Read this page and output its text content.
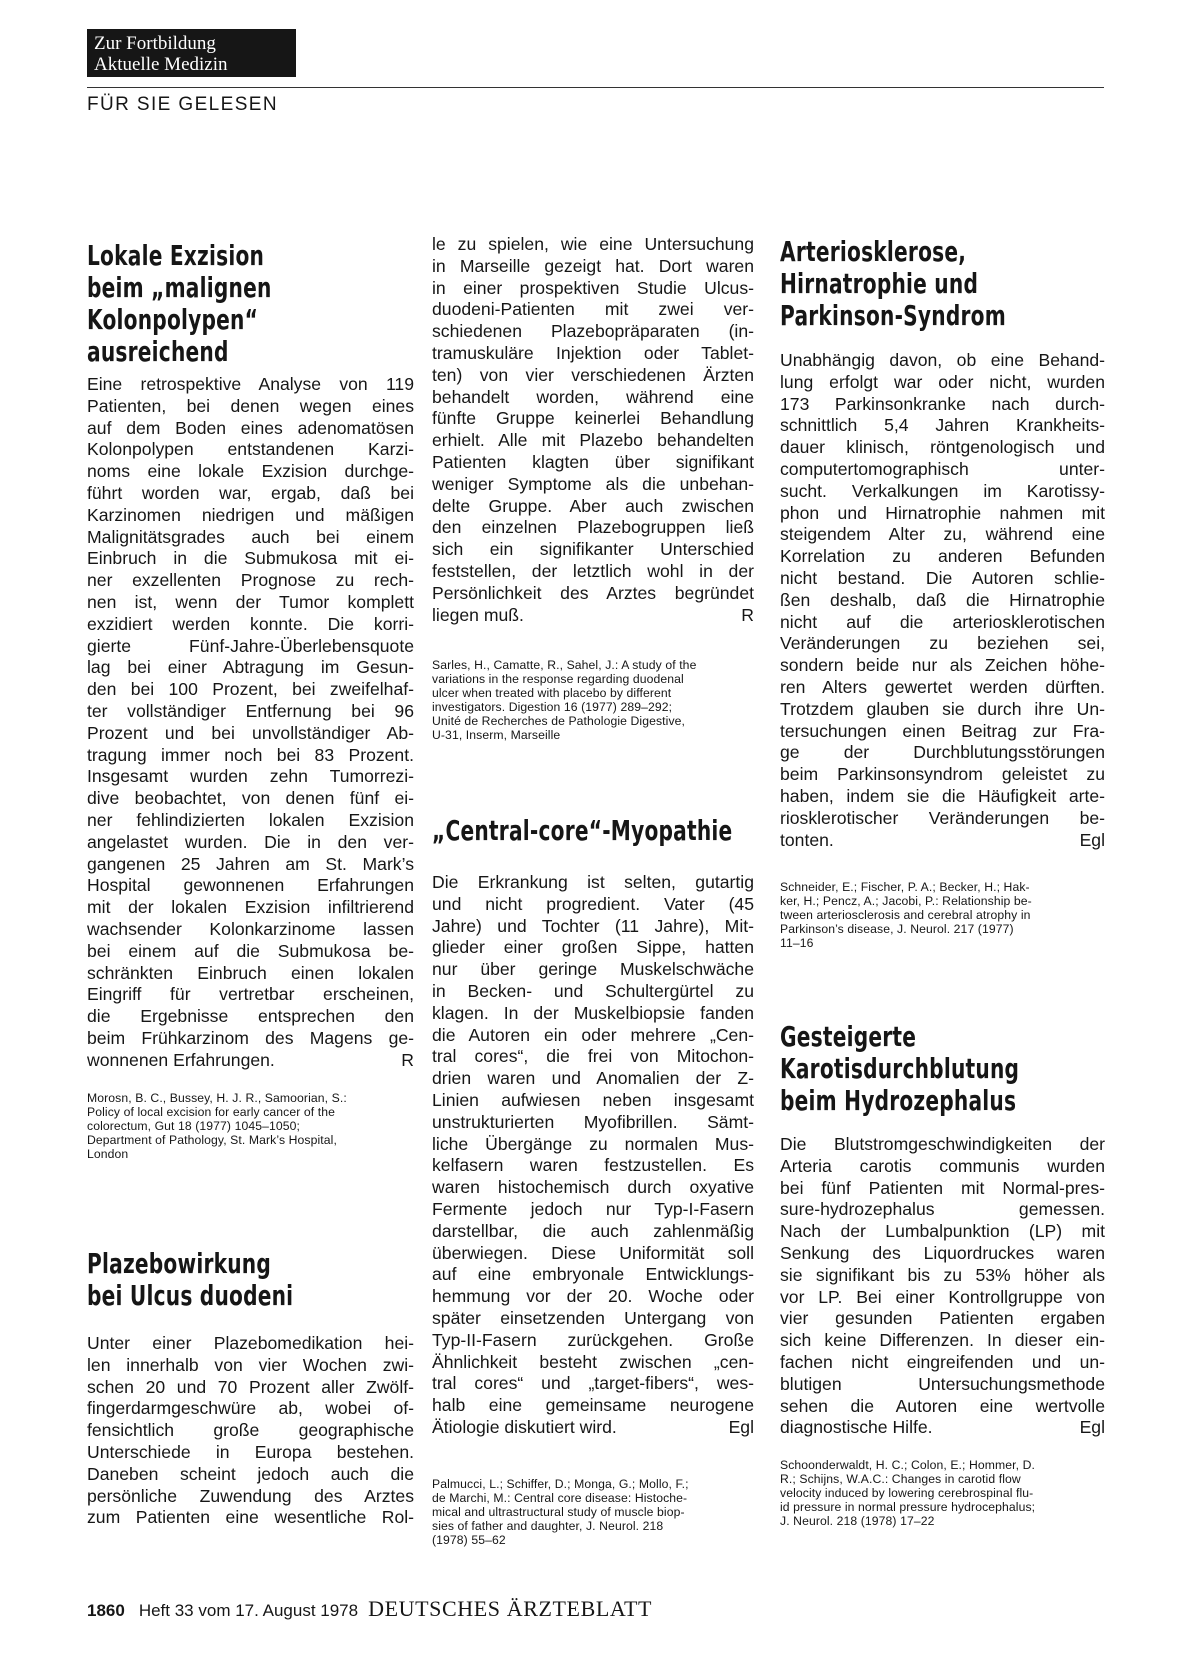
Zur Fortbildung
Aktuelle Medizin
FÜR SIE GELESEN
Lokale Exzision
beim „malignen
Kolonpolypen“
ausreichend
Eine retrospektive Analyse von 119
Patienten, bei denen wegen eines
auf dem Boden eines adenomatösen
Kolonpolypen entstandenen Karzi-
noms eine lokale Exzision durchge-
führt worden war, ergab, daß bei
Karzinomen niedrigen und mäßigen
Malignitätsgrades auch bei einem
Einbruch in die Submukosa mit ei-
ner exzellenten Prognose zu rech-
nen ist, wenn der Tumor komplett
exzidiert werden konnte. Die korri-
gierte Fünf-Jahre-Überlebensquote
lag bei einer Abtragung im Gesun-
den bei 100 Prozent, bei zweifelhaf-
ter vollständiger Entfernung bei 96
Prozent und bei unvollständiger Ab-
tragung immer noch bei 83 Prozent.
Insgesamt wurden zehn Tumorrezi-
dive beobachtet, von denen fünf ei-
ner fehlindizierten lokalen Exzision
angelastet wurden. Die in den ver-
gangenen 25 Jahren am St. Mark’s
Hospital gewonnenen Erfahrungen
mit der lokalen Exzision infiltrierend
wachsender Kolonkarzinome lassen
bei einem auf die Submukosa be-
schränkten Einbruch einen lokalen
Eingriff für vertretbar erscheinen,
die Ergebnisse entsprechen den
beim Frühkarzinom des Magens ge-
wonnenen Erfahrungen.	R
Morosn, B. C., Bussey, H. J. R., Samoorian, S.:
Policy of local excision for early cancer of the
colorectum, Gut 18 (1977) 1045–1050;
Department of Pathology, St. Mark’s Hospital,
London
Plazebowirkung
bei Ulcus duodeni
Unter einer Plazebomedikation hei-
len innerhalb von vier Wochen zwi-
schen 20 und 70 Prozent aller Zwölf-
fingerdarmgeschwüre ab, wobei of-
fensichtlich große geographische
Unterschiede in Europa bestehen.
Daneben scheint jedoch auch die
persönliche Zuwendung des Arztes
zum Patienten eine wesentliche Rol-
le zu spielen, wie eine Untersuchung
in Marseille gezeigt hat. Dort waren
in einer prospektiven Studie Ulcus-
duodeni-Patienten mit zwei ver-
schiedenen Plazebopräparaten (in-
tramuskuläre Injektion oder Tablet-
ten) von vier verschiedenen Ärzten
behandelt worden, während eine
fünfte Gruppe keinerlei Behandlung
erhielt. Alle mit Plazebo behandelten
Patienten klagten über signifikant
weniger Symptome als die unbehan-
delte Gruppe. Aber auch zwischen
den einzelnen Plazebogruppen ließ
sich ein signifikanter Unterschied
feststellen, der letztlich wohl in der
Persönlichkeit des Arztes begründet
liegen muß.	R
Sarles, H., Camatte, R., Sahel, J.: A study of the
variations in the response regarding duodenal
ulcer when treated with placebo by different
investigators. Digestion 16 (1977) 289–292;
Unité de Recherches de Pathologie Digestive,
U-31, Inserm, Marseille
„Central-core“-Myopathie
Die Erkrankung ist selten, gutartig
und nicht progredient. Vater (45
Jahre) und Tochter (11 Jahre), Mit-
glieder einer großen Sippe, hatten
nur über geringe Muskelschwäche
in Becken- und Schultergürtel zu
klagen. In der Muskelbiopsie fanden
die Autoren ein oder mehrere „Cen-
tral cores“, die frei von Mitochon-
drien waren und Anomalien der Z-
Linien aufwiesen neben insgesamt
unstrukturierten Myofibrillen. Sämt-
liche Übergänge zu normalen Mus-
kelfasern waren festzustellen. Es
waren histochemisch durch oxyative
Fermente jedoch nur Typ-I-Fasern
darstellbar, die auch zahlenmäßig
überwiegen. Diese Uniformität soll
auf eine embryonale Entwicklungs-
hemmung vor der 20. Woche oder
später einsetzenden Untergang von
Typ-II-Fasern zurückgehen. Große
Ähnlichkeit besteht zwischen „cen-
tral cores“ und „target-fibers“, wes-
halb eine gemeinsame neurogene
Ätiologie diskutiert wird.	Egl
Palmucci, L.; Schiffer, D.; Monga, G.; Mollo, F.;
de Marchi, M.: Central core disease: Histoche-
mical and ultrastructural study of muscle biop-
sies of father and daughter, J. Neurol. 218
(1978) 55–62
Arteriosklerose,
Hirnatrophie und
Parkinson-Syndrom
Unabhängig davon, ob eine Behand-
lung erfolgt war oder nicht, wurden
173 Parkinsonkranke nach durch-
schnittlich 5,4 Jahren Krankheits-
dauer klinisch, röntgenologisch und
computertomographisch unter-
sucht. Verkalkungen im Karotissy-
phon und Hirnatrophie nahmen mit
steigendem Alter zu, während eine
Korrelation zu anderen Befunden
nicht bestand. Die Autoren schlie-
ßen deshalb, daß die Hirnatrophie
nicht auf die arteriosklerotischen
Veränderungen zu beziehen sei,
sondern beide nur als Zeichen höhe-
ren Alters gewertet werden dürften.
Trotzdem glauben sie durch ihre Un-
tersuchungen einen Beitrag zur Fra-
ge der Durchblutungsstörungen
beim Parkinsonsyndrom geleistet zu
haben, indem sie die Häufigkeit arte-
riosklerotischer Veränderungen be-
tonten.	Egl
Schneider, E.; Fischer, P. A.; Becker, H.; Hak-
ker, H.; Pencz, A.; Jacobi, P.: Relationship be-
tween arteriosclerosis and cerebral atrophy in
Parkinson’s disease, J. Neurol. 217 (1977)
11–16
Gesteigerte
Karotisdurchblutung
beim Hydrozephalus
Die Blutstromgeschwindigkeiten der
Arteria carotis communis wurden
bei fünf Patienten mit Normal-pres-
sure-hydrozephalus gemessen.
Nach der Lumbalpunktion (LP) mit
Senkung des Liquordruckes waren
sie signifikant bis zu 53% höher als
vor LP. Bei einer Kontrollgruppe von
vier gesunden Patienten ergaben
sich keine Differenzen. In dieser ein-
fachen nicht eingreifenden und un-
blutigen Untersuchungsmethode
sehen die Autoren eine wertvolle
diagnostische Hilfe.	Egl
Schoonderwaldt, H. C.; Colon, E.; Hommer, D.
R.; Schijns, W.A.C.: Changes in carotid flow
velocity induced by lowering cerebrospinal flu-
id pressure in normal pressure hydrocephalus;
J. Neurol. 218 (1978) 17–22
1860 Heft 33 vom 17. August 1978 DEUTSCHES ÄRZTEBLATT
